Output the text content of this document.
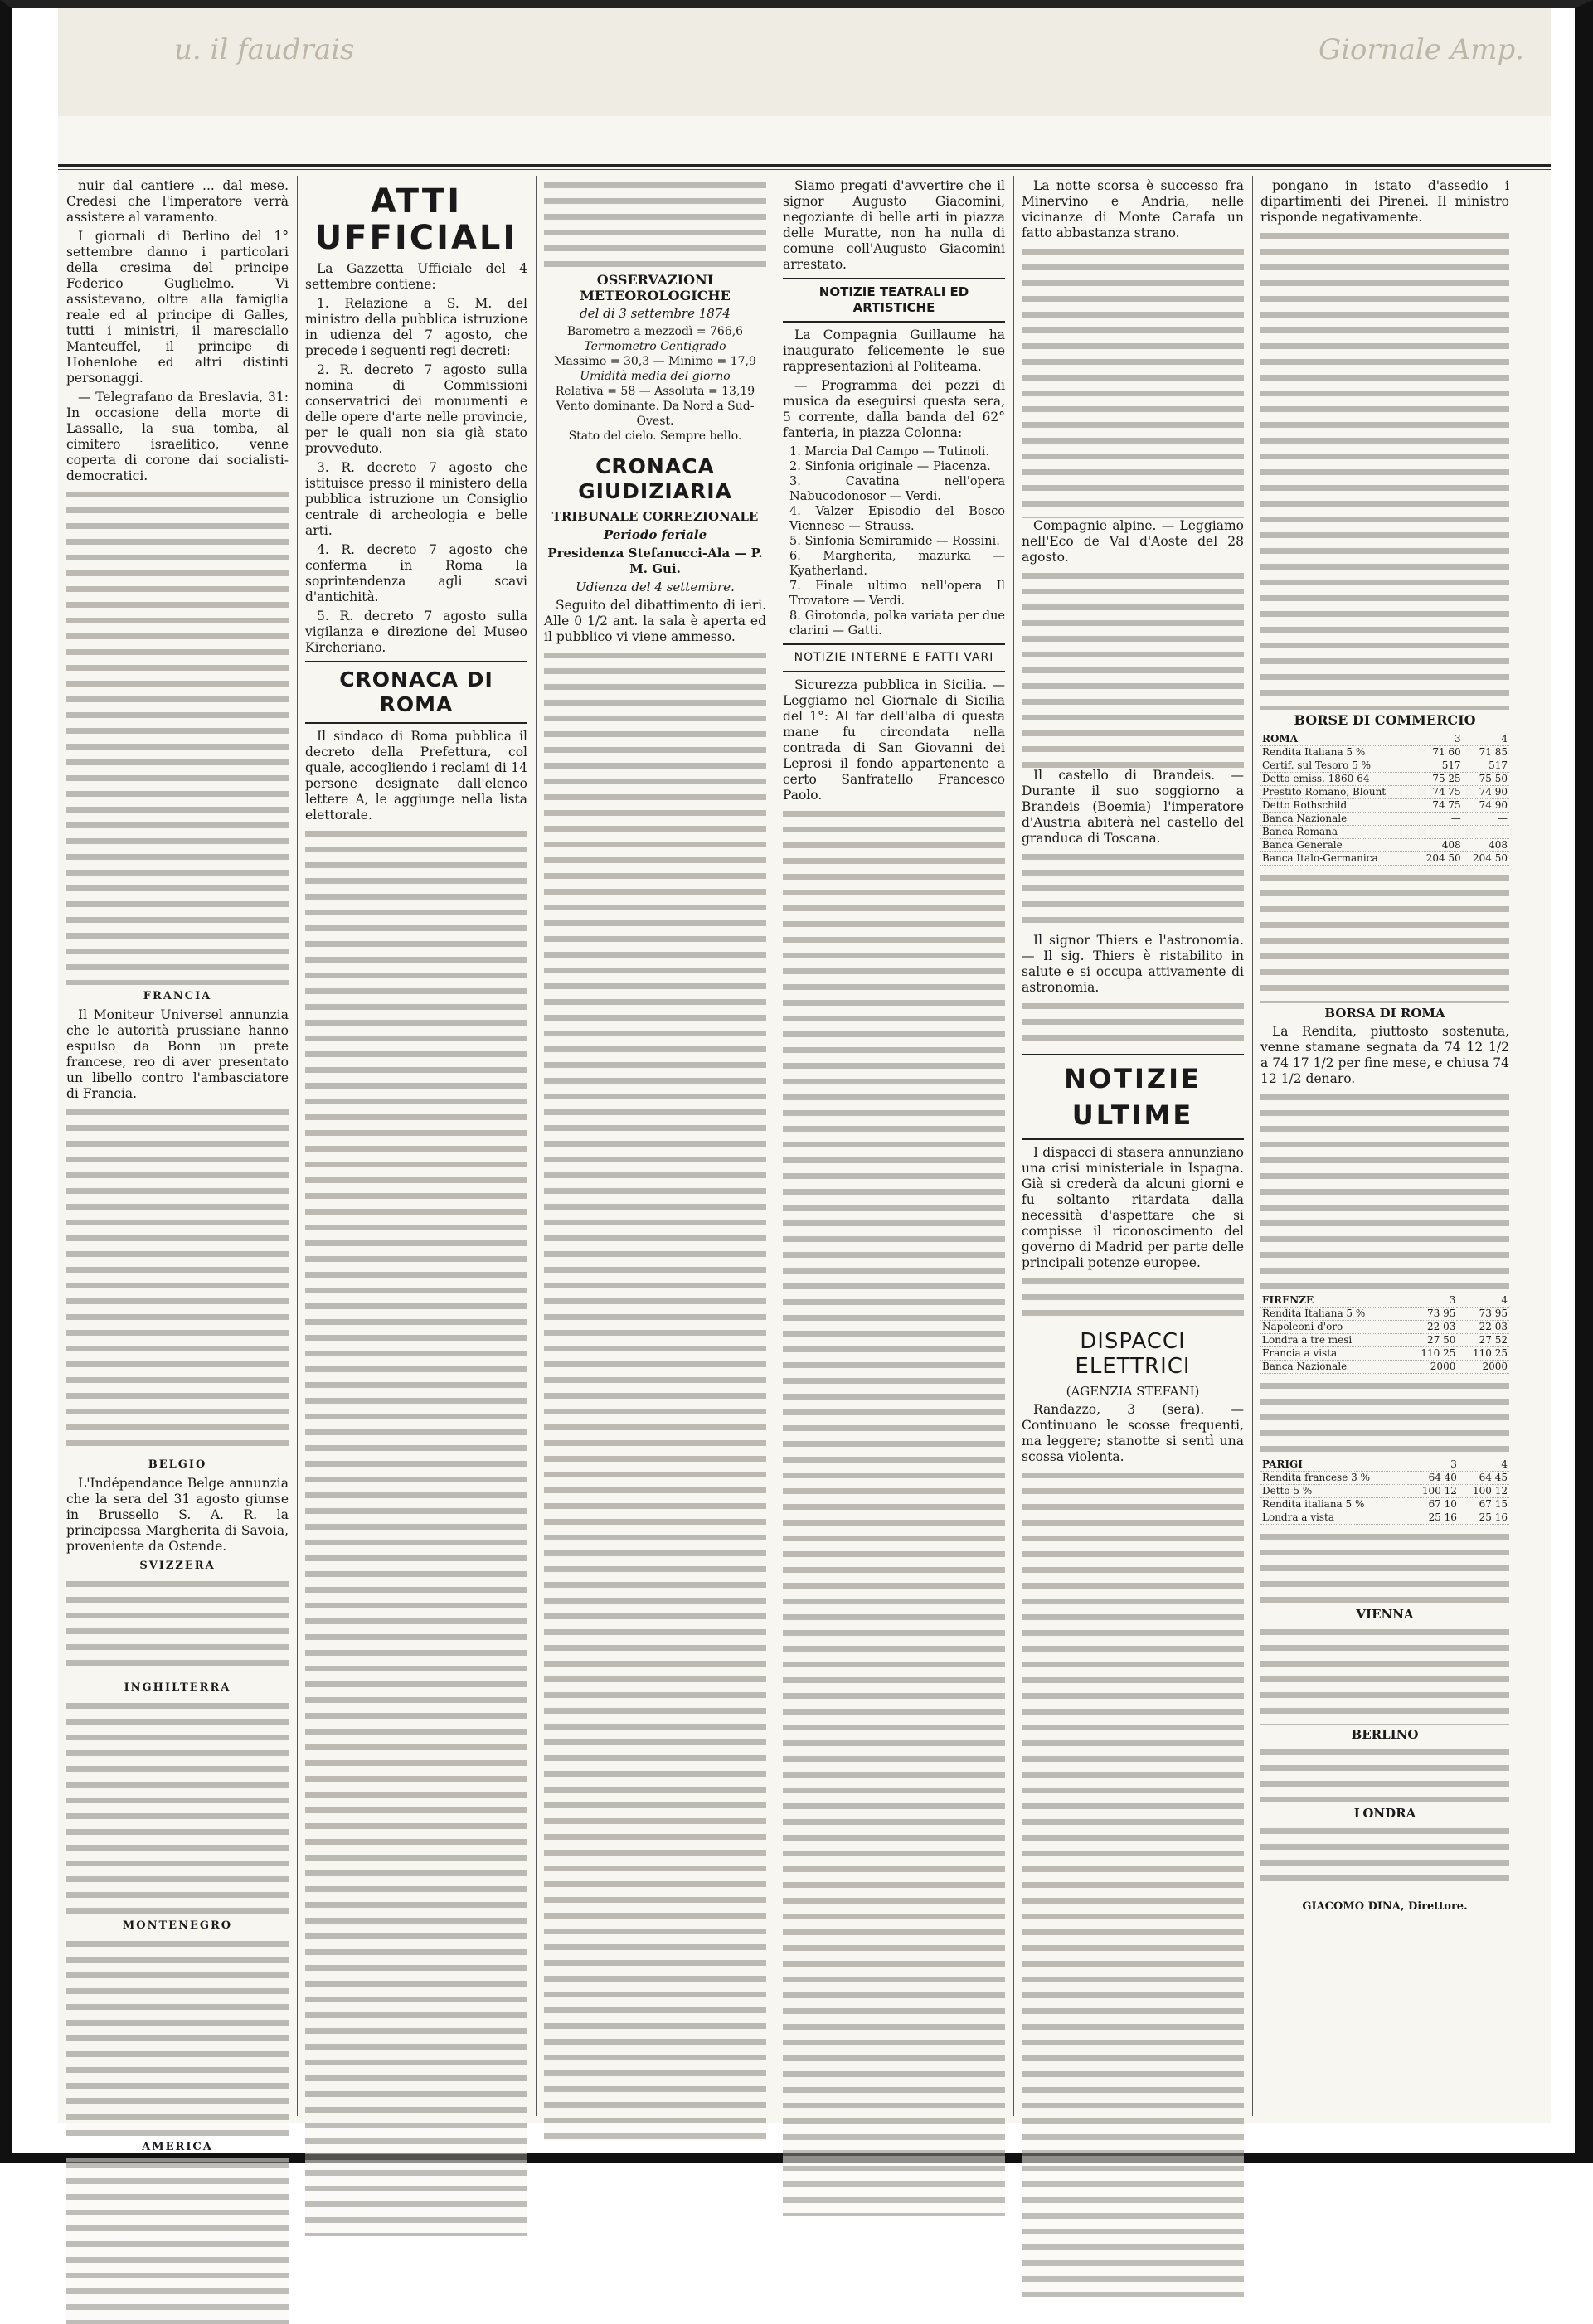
u. il faudrais	Giornale Amp.

nuir dal cantiere ... dal mese. Credesi che l'imperatore verrà assistere al varamento.

I giornali di Berlino del 1° settembre danno i particolari della cresima del principe Federico Guglielmo. Vi assistevano, oltre alla famiglia reale ed al principe di Galles, tutti i ministri, il maresciallo Manteuffel, il principe di Hohenlohe ed altri distinti personaggi.

— Telegrafano da Breslavia, 31: In occasione della morte di Lassalle, la sua tomba, al cimitero israelitico, venne coperta di corone dai socialisti-democratici.

FRANCIA

Il Moniteur Universel annunzia che le autorità prussiane hanno espulso da Bonn un prete francese, reo di aver presentato un libello contro l'ambasciatore di Francia.

BELGIO

L'Indépendance Belge annunzia che la sera del 31 agosto giunse in Brussello S. A. R. la principessa Margherita di Savoia, proveniente da Ostende.

SVIZZERA
INGHILTERRA
MONTENEGRO
AMERICA
ATTI UFFICIALI

La Gazzetta Ufficiale del 4 settembre contiene:

1. Relazione a S. M. del ministro della pubblica istruzione in udienza del 7 agosto, che precede i seguenti regi decreti:

2. R. decreto 7 agosto sulla nomina di Commissioni conservatrici dei monumenti e delle opere d'arte nelle provincie, per le quali non sia già stato provveduto.

3. R. decreto 7 agosto che istituisce presso il ministero della pubblica istruzione un Consiglio centrale di archeologia e belle arti.

4. R. decreto 7 agosto che conferma in Roma la soprintendenza agli scavi d'antichità.

5. R. decreto 7 agosto sulla vigilanza e direzione del Museo Kircheriano.

CRONACA DI ROMA

Il sindaco di Roma pubblica il decreto della Prefettura, col quale, accogliendo i reclami di 14 persone designate dall'elenco lettere A, le aggiunge nella lista elettorale.

OSSERVAZIONI METEOROLOGICHE
del di 3 settembre 1874
Barometro a mezzodì = 766,6
Termometro Centigrado
Massimo = 30,3 — Minimo = 17,9
Umidità media del giorno
Relativa = 58 — Assoluta = 13,19
Vento dominante. Da Nord a Sud-Ovest.
Stato del cielo. Sempre bello.
CRONACA GIUDIZIARIA
TRIBUNALE CORREZIONALE
Periodo feriale
Presidenza Stefanucci-Ala — P. M. Gui.
Udienza del 4 settembre.

Seguito del dibattimento di ieri. Alle 0 1/2 ant. la sala è aperta ed il pubblico vi viene ammesso.

Siamo pregati d'avvertire che il signor Augusto Giacomini, negoziante di belle arti in piazza delle Muratte, non ha nulla di comune coll'Augusto Giacomini arrestato.

NOTIZIE TEATRALI ED ARTISTICHE

La Compagnia Guillaume ha inaugurato felicemente le sue rappresentazioni al Politeama.

— Programma dei pezzi di musica da eseguirsi questa sera, 5 corrente, dalla banda del 62° fanteria, in piazza Colonna:

1. Marcia Dal Campo — Tutinoli.
2. Sinfonia originale — Piacenza.
3. Cavatina nell'opera Nabucodonosor — Verdi.
4. Valzer Episodio del Bosco Viennese — Strauss.
5. Sinfonia Semiramide — Rossini.
6. Margherita, mazurka — Kyatherland.
7. Finale ultimo nell'opera Il Trovatore — Verdi.
8. Girotonda, polka variata per due clarini — Gatti.
NOTIZIE INTERNE E FATTI VARI

Sicurezza pubblica in Sicilia. — Leggiamo nel Giornale di Sicilia del 1°: Al far dell'alba di questa mane fu circondata nella contrada di San Giovanni dei Leprosi il fondo appartenente a certo Sanfratello Francesco Paolo.

La notte scorsa è successo fra Minervino e Andria, nelle vicinanze di Monte Carafa un fatto abbastanza strano.

Compagnie alpine. — Leggiamo nell'Eco de Val d'Aoste del 28 agosto.

Il castello di Brandeis. — Durante il suo soggiorno a Brandeis (Boemia) l'imperatore d'Austria abiterà nel castello del granduca di Toscana.

Il signor Thiers e l'astronomia. — Il sig. Thiers è ristabilito in salute e si occupa attivamente di astronomia.

NOTIZIE ULTIME

I dispacci di stasera annunziano una crisi ministeriale in Ispagna. Già si crederà da alcuni giorni e fu soltanto ritardata dalla necessità d'aspettare che si compisse il riconoscimento del governo di Madrid per parte delle principali potenze europee.

DISPACCI ELETTRICI
(AGENZIA STEFANI)

Randazzo, 3 (sera). — Continuano le scosse frequenti, ma leggere; stanotte si sentì una scossa violenta.

pongano in istato d'assedio i dipartimenti dei Pirenei. Il ministro risponde negativamente.

BORSE DI COMMERCIO
ROMA	3	4
Rendita Italiana 5 %	71 60	71 85
Certif. sul Tesoro 5 %	517	517
Detto emiss. 1860-64	75 25	75 50
Prestito Romano, Blount	74 75	74 90
Detto Rothschild	74 75	74 90
Banca Nazionale	—	—
Banca Romana	—	—
Banca Generale	408	408
Banca Italo-Germanica	204 50	204 50
BORSA DI ROMA

La Rendita, piuttosto sostenuta, venne stamane segnata da 74 12 1/2 a 74 17 1/2 per fine mese, e chiusa 74 12 1/2 denaro.

FIRENZE	3	4
Rendita Italiana 5 %	73 95	73 95
Napoleoni d'oro	22 03	22 03
Londra a tre mesi	27 50	27 52
Francia a vista	110 25	110 25
Banca Nazionale	2000	2000
PARIGI	3	4
Rendita francese 3 %	64 40	64 45
Detto 5 %	100 12	100 12
Rendita italiana 5 %	67 10	67 15
Londra a vista	25 16	25 16
VIENNA
BERLINO
LONDRA
GIACOMO DINA, Direttore.
